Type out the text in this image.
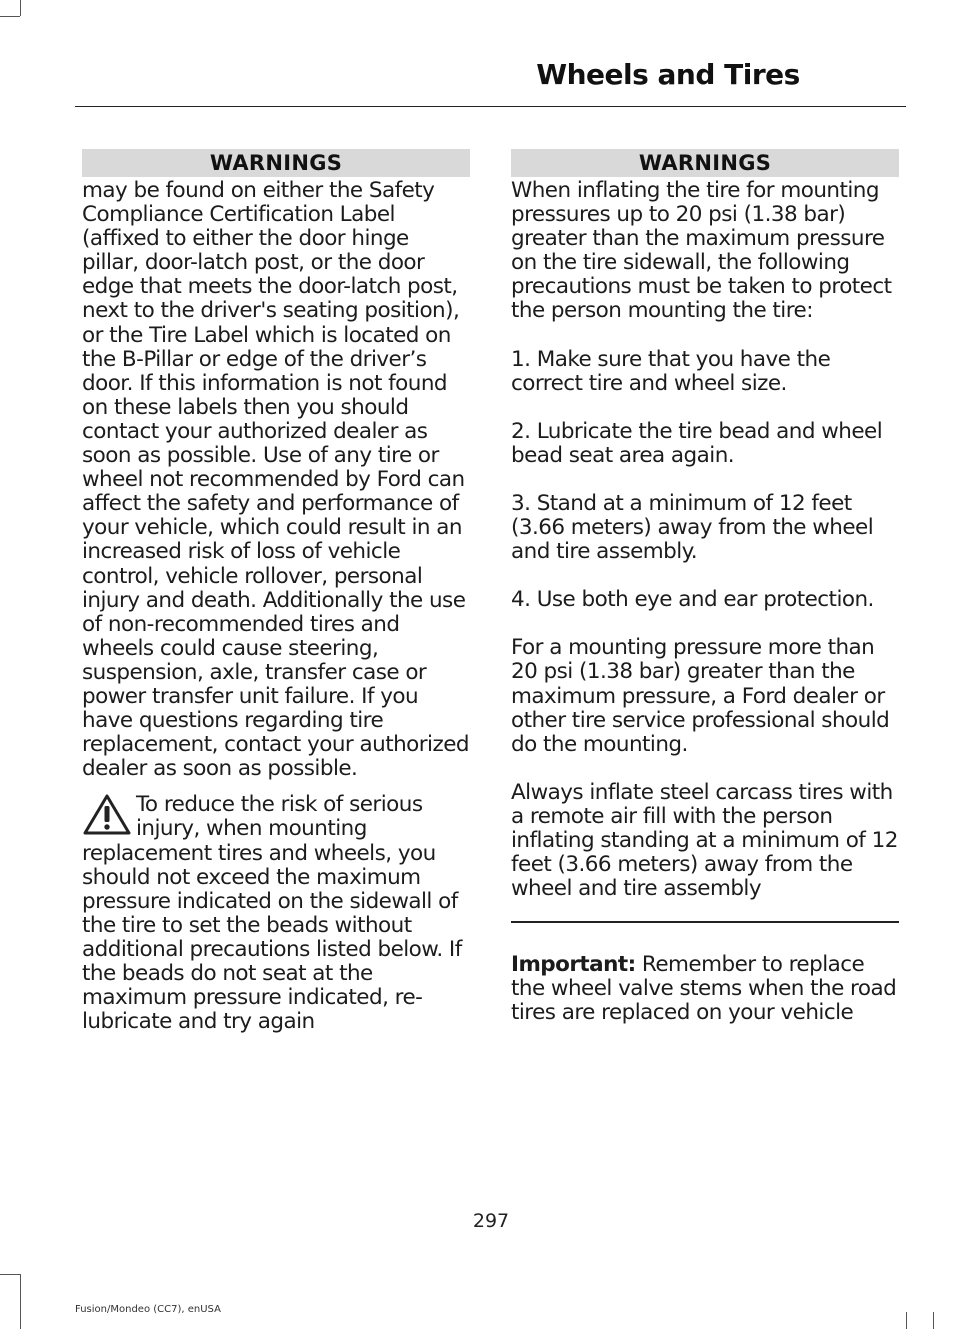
Wheels and Tires
WARNINGS

may be found on either the Safety Compliance Certification Label (affixed to either the door hinge pillar, door-latch post, or the door edge that meets the door-latch post, next to the driver's seating position), or the Tire Label which is located on the B-Pillar or edge of the driver’s door. If this information is not found on these labels then you should contact your authorized dealer as soon as possible. Use of any tire or wheel not recommended by Ford can affect the safety and performance of your vehicle, which could result in an increased risk of loss of vehicle control, vehicle rollover, personal injury and death. Additionally the use of non-recommended tires and wheels could cause steering, suspension, axle, transfer case or power transfer unit failure. If you have questions regarding tire replacement, contact your authorized dealer as soon as possible.

To reduce the risk of serious injury, when mounting replacement tires and wheels, you should not exceed the maximum pressure indicated on the sidewall of the tire to set the beads without additional precautions listed below. If the beads do not seat at the maximum pressure indicated, re-lubricate and try again
WARNINGS

When inflating the tire for mounting pressures up to 20 psi (1.38 bar) greater than the maximum pressure on the tire sidewall, the following precautions must be taken to protect the person mounting the tire:

1. Make sure that you have the correct tire and wheel size.

2. Lubricate the tire bead and wheel bead seat area again.

3. Stand at a minimum of 12 feet (3.66 meters) away from the wheel and tire assembly.

4. Use both eye and ear protection.

For a mounting pressure more than 20 psi (1.38 bar) greater than the maximum pressure, a Ford dealer or other tire service professional should do the mounting.

Always inflate steel carcass tires with a remote air fill with the person inflating standing at a minimum of 12 feet (3.66 meters) away from the wheel and tire assembly

Important: Remember to replace the wheel valve stems when the road tires are replaced on your vehicle

297
Fusion/Mondeo (CC7), enUSA
